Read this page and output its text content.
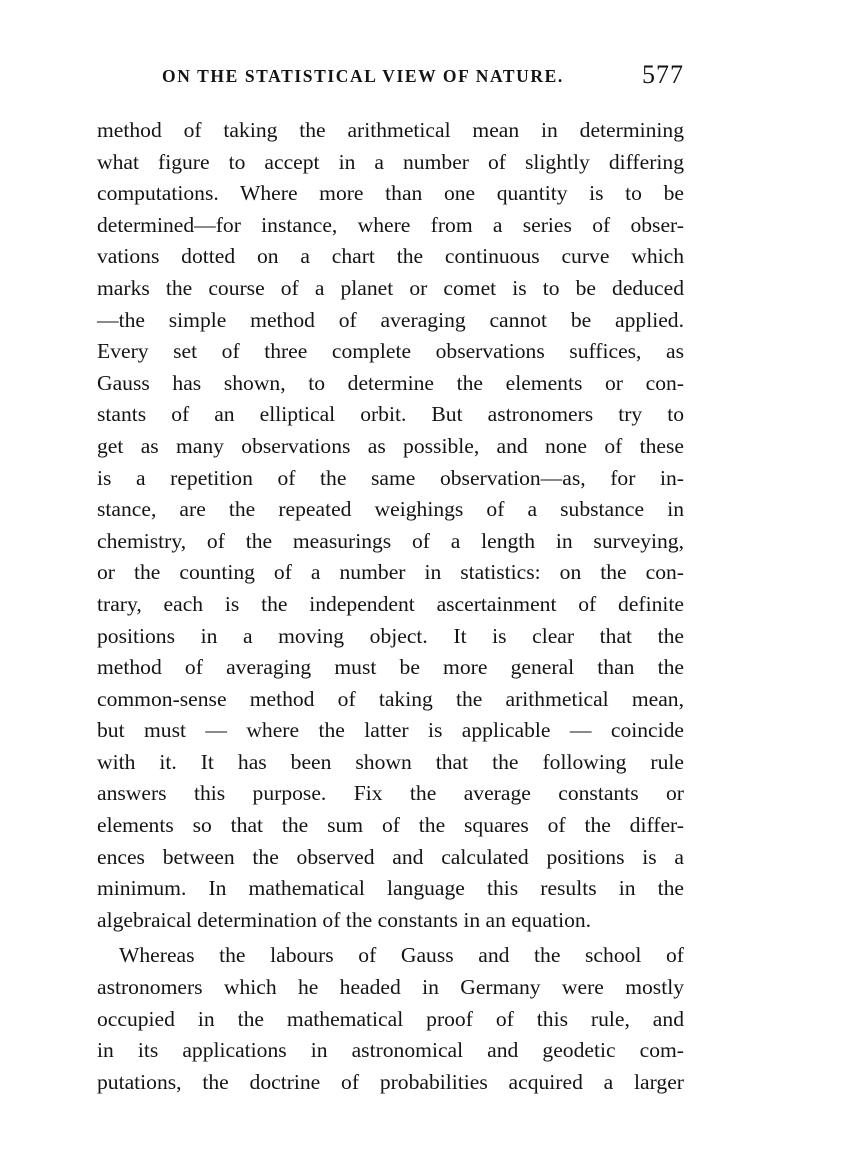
ON THE STATISTICAL VIEW OF NATURE.	577
method of taking the arithmetical mean in determining
what figure to accept in a number of slightly differing
computations. Where more than one quantity is to be
determined—for instance, where from a series of obser-
vations dotted on a chart the continuous curve which
marks the course of a planet or comet is to be deduced
—the simple method of averaging cannot be applied.
Every set of three complete observations suffices, as
Gauss has shown, to determine the elements or con-
stants of an elliptical orbit. But astronomers try to
get as many observations as possible, and none of these
is a repetition of the same observation—as, for in-
stance, are the repeated weighings of a substance in
chemistry, of the measurings of a length in surveying,
or the counting of a number in statistics: on the con-
trary, each is the independent ascertainment of definite
positions in a moving object. It is clear that the
method of averaging must be more general than the
common-sense method of taking the arithmetical mean,
but must — where the latter is applicable — coincide
with it. It has been shown that the following rule
answers this purpose. Fix the average constants or
elements so that the sum of the squares of the differ-
ences between the observed and calculated positions is a
minimum. In mathematical language this results in the
algebraical determination of the constants in an equation.
Whereas the labours of Gauss and the school of
astronomers which he headed in Germany were mostly
occupied in the mathematical proof of this rule, and
in its applications in astronomical and geodetic com-
putations, the doctrine of probabilities acquired a larger
